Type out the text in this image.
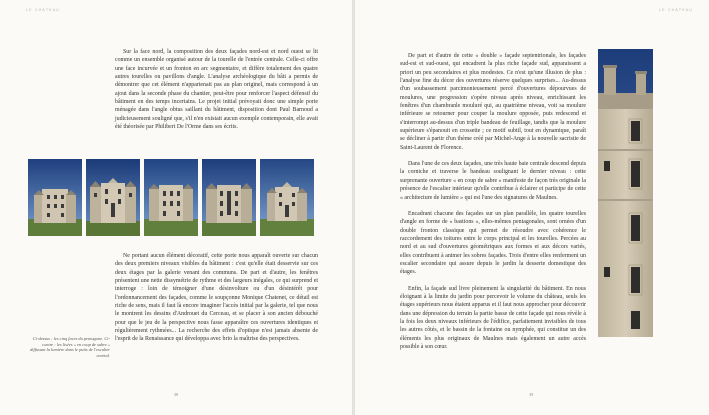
LE CHÂTEAU

Sur la face nord, la composition des deux façades nord-est et nord ouest se lit comme un ensemble organisé autour de la tourelle de l'entrée centrale. Celle-ci offre une face incurvée et un fronton en arc segmentaire, et diffère totalement des quatre autres tourelles ou pavillons d'angle. L'analyse archéologique du bâti a permis de démontrer que cet élément n'appartenait pas au plan originel, mais correspond à un ajout dans la seconde phase du chantier, peut-être pour renforcer l'aspect défensif du bâtiment en des temps incertains. Le projet initial prévoyait donc une simple porte ménagée dans l'angle obtus saillant du bâtiment, disposition dont Paul Barnoud a judicieusement souligné que, s'il n'en existait aucun exemple contemporain, elle avait été théorisée par Philibert De l'Orme dans ses écrits.

Ne portant aucun élément décoratif, cette porte nous apparaît ouverte sur chacun des deux premiers niveaux visibles du bâtiment : c'est qu'elle était desservie sur ces deux étages par la galerie venant des communs. De part et d'autre, les fenêtres présentent une nette dissymétrie de rythme et des largeurs inégales, ce qui surprend et interroge : loin de témoigner d'une désinvolture ou d'un désintérêt pour l'ordonnancement des façades, comme le soupçonne Monique Chatenet, ce détail est riche de sens, mais il faut là encore imaginer l'accès initial par la galerie, tel que nous le montrent les dessins d'Androuet du Cerceau, et se placer à son ancien débouché pour que le jeu de la perspective nous fasse apparaître ces ouvertures identiques et régulièrement rythmées... La recherche des effets d'optique n'est jamais absente de l'esprit de la Renaissance qui développa avec brio la maîtrise des perspectives.

Ci-dessus : les cinq faces du pentagone. Ci-contre : les lisées « en coup de sabre » diffusant la lumière dans le puits de l'escalier central.
38
LE CHÂTEAU
39

De part et d'autre de cette « double » façade septentrionale, les façades sud-est et sud-ouest, qui encadrent la plus riche façade sud, apparaissent a priori un peu secondaires et plus modestes. Ce n'est qu'une illusion de plus : l'analyse fine du décor des ouvertures réserve quelques surprises... Au-dessus d'un soubassement parcimonieusement percé d'ouvertures dépourvues de moulures, une progression s'opère niveau après niveau, enrichissant les fenêtres d'un chambranle mouluré qui, au quatrième niveau, voit sa moulure inférieure se retourner pour couper la moulure opposée, puis redescend et s'interrompt au-dessus d'un triple bandeau de feuillage, tandis que la moulure supérieure s'épanouit en crossette ; ce motif subtil, tout en dynamique, paraît se décliner à partir d'un thème créé par Michel-Ange à la nouvelle sacristie de Saint-Laurent de Florence.

Dans l'une de ces deux façades, une très haute baie centrale descend depuis la corniche et traverse le bandeau soulignant le dernier niveau : cette surprenante ouverture « en coup de sabre » manifeste de façon très originale la présence de l'escalier intérieur qu'elle contribue à éclairer et participe de cette « architecture de lumière » qui est l'une des signatures de Maulnes.

Encadrant chacune des façades sur un plan parallèle, les quatre tourelles d'angle en forme de « bastions », elles-mêmes pentagonales, sont ornées d'un double fronton classique qui permet de résoudre avec cohérence le raccordement des toitures entre le corps principal et les tourelles. Percées au nord et au sud d'ouvertures géométriques aux formes et aux décors variés, elles contribuent à animer les sobres façades. Trois d'entre elles renferment un escalier secondaire qui assure depuis le jardin la desserte domestique des étages.

Enfin, la façade sud livre pleinement la singularité du bâtiment. En nous éloignant à la limite du jardin pour percevoir le volume du château, seuls les étages supérieurs nous étaient apparus et il faut nous approcher pour découvrir dans une dépression du terrain la partie basse de cette façade qui nous révèle à la fois les deux niveaux inférieurs de l'édifice, parfaitement invisibles de tous les autres côtés, et le bassin de la fontaine ou nymphée, qui constitue un des éléments les plus originaux de Maulnes mais également un autre accès possible à son cœur.
